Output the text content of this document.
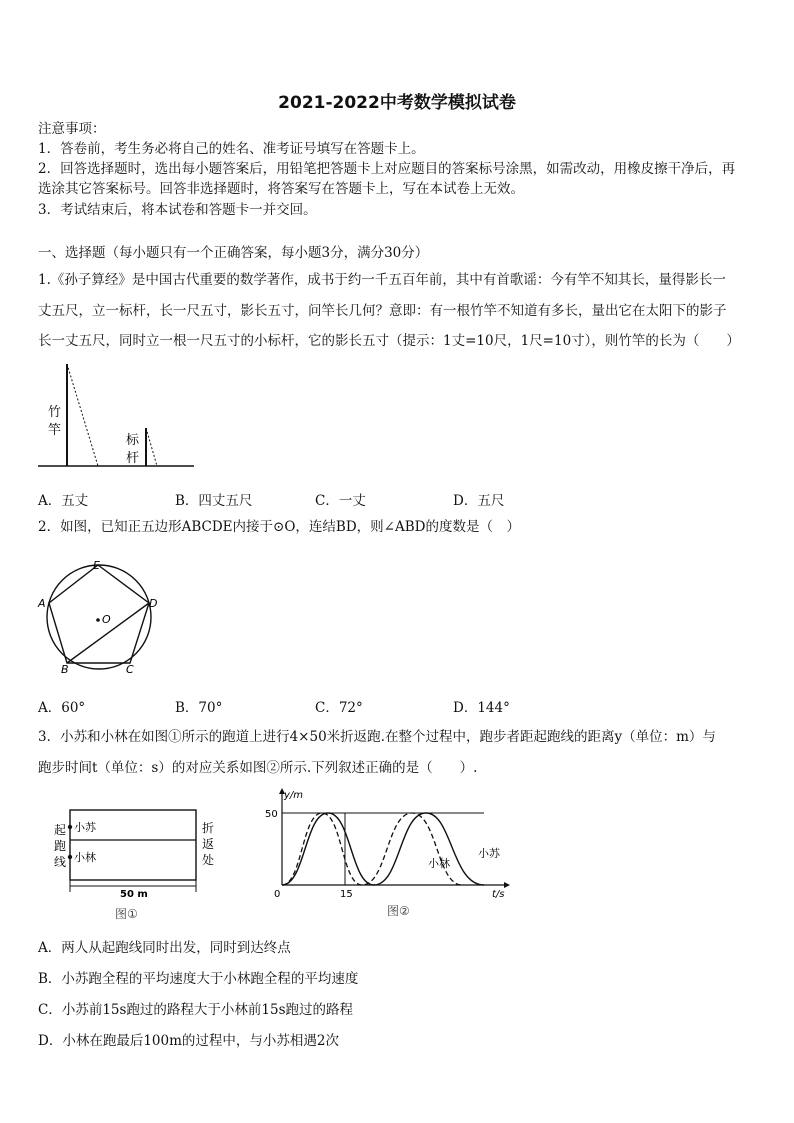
2021-2022中考数学模拟试卷
注意事项：
1．答卷前，考生务必将自己的姓名、准考证号填写在答题卡上。
2．回答选择题时，选出每小题答案后，用铅笔把答题卡上对应题目的答案标号涂黑，如需改动，用橡皮擦干净后，再
选涂其它答案标号。回答非选择题时，将答案写在答题卡上，写在本试卷上无效。
3．考试结束后，将本试卷和答题卡一并交回。
一、选择题（每小题只有一个正确答案，每小题3分，满分30分）
1.《孙子算经》是中国古代重要的数学著作，成书于约一千五百年前，其中有首歌谣：今有竿不知其长，量得影长一
丈五尺，立一标杆，长一尺五寸，影长五寸，问竿长几何？意即：有一根竹竿不知道有多长，量出它在太阳下的影子
长一丈五尺，同时立一根一尺五寸的小标杆，它的影长五寸（提示：1丈=10尺，1尺=10寸），则竹竿的长为（　　）
竹
竿
标
杆
A．五丈	B．四丈五尺	C．一丈	D．五尺
2．如图，已知正五边形ABCDE内接于⊙O，连结BD，则∠ABD的度数是（　）
E
A	D
B	C
O
A．60°	B．70°	C．72°	D．144°
3．小苏和小林在如图①所示的跑道上进行4×50米折返跑.在整个过程中，跑步者距起跑线的距离y（单位：m）与
跑步时间t（单位：s）的对应关系如图②所示.下列叙述正确的是（　　）.
小苏
小林
起
跑
线
折
返
处
50 m
图①
y/m
t/s
50
0	15
小林
小苏
图②
A．两人从起跑线同时出发，同时到达终点
B．小苏跑全程的平均速度大于小林跑全程的平均速度
C．小苏前15s跑过的路程大于小林前15s跑过的路程
D．小林在跑最后100m的过程中，与小苏相遇2次
